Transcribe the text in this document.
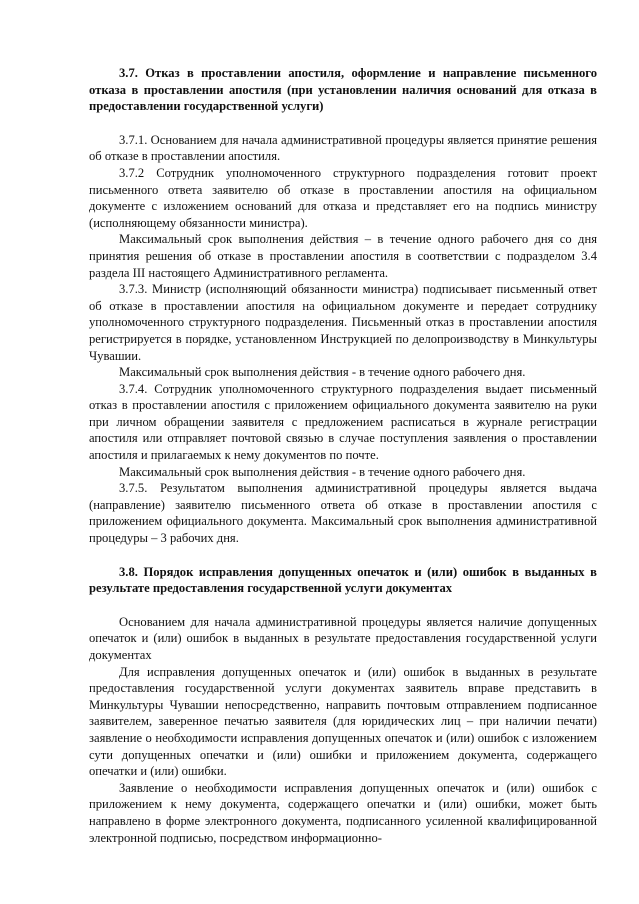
3.7. Отказ в проставлении апостиля, оформление и направление письменного отказа в проставлении апостиля (при установлении наличия оснований для отказа в предоставлении государственной услуги)

3.7.1. Основанием для начала административной процедуры является принятие решения об отказе в проставлении апостиля.

3.7.2 Сотрудник уполномоченного структурного подразделения готовит проект письменного ответа заявителю об отказе в проставлении апостиля на официальном документе с изложением оснований для отказа и представляет его на подпись министру (исполняющему обязанности министра).

Максимальный срок выполнения действия – в течение одного рабочего дня со дня принятия решения об отказе в проставлении апостиля в соответствии с подразделом 3.4 раздела III настоящего Административного регламента.

3.7.3. Министр (исполняющий обязанности министра) подписывает письменный ответ об отказе в проставлении апостиля на официальном документе и передает сотруднику уполномоченного структурного подразделения. Письменный отказ в проставлении апостиля регистрируется в порядке, установленном Инструкцией по делопроизводству в Минкультуры Чувашии.

Максимальный срок выполнения действия - в течение одного рабочего дня.

3.7.4. Сотрудник уполномоченного структурного подразделения выдает письменный отказ в проставлении апостиля с приложением официального документа заявителю на руки при личном обращении заявителя с предложением расписаться в журнале регистрации апостиля или отправляет почтовой связью в случае поступления заявления о проставлении апостиля и прилагаемых к нему документов по почте.

Максимальный срок выполнения действия - в течение одного рабочего дня.

3.7.5. Результатом выполнения административной процедуры является выдача (направление) заявителю письменного ответа об отказе в проставлении апостиля с приложением официального документа. Максимальный срок выполнения административной процедуры – 3 рабочих дня.

3.8. Порядок исправления допущенных опечаток и (или) ошибок в выданных в результате предоставления государственной услуги документах

Основанием для начала административной процедуры является наличие допущенных опечаток и (или) ошибок в выданных в результате предоставления государственной услуги документах

Для исправления допущенных опечаток и (или) ошибок в выданных в результате предоставления государственной услуги документах заявитель вправе представить в Минкультуры Чувашии непосредственно, направить почтовым отправлением подписанное заявителем, заверенное печатью заявителя (для юридических лиц – при наличии печати) заявление о необходимости исправления допущенных опечаток и (или) ошибок с изложением сути допущенных опечатки и (или) ошибки и приложением документа, содержащего опечатки и (или) ошибки.

Заявление о необходимости исправления допущенных опечаток и (или) ошибок с приложением к нему документа, содержащего опечатки и (или) ошибки, может быть направлено в форме электронного документа, подписанного усиленной квалифицированной электронной подписью, посредством информационно-
